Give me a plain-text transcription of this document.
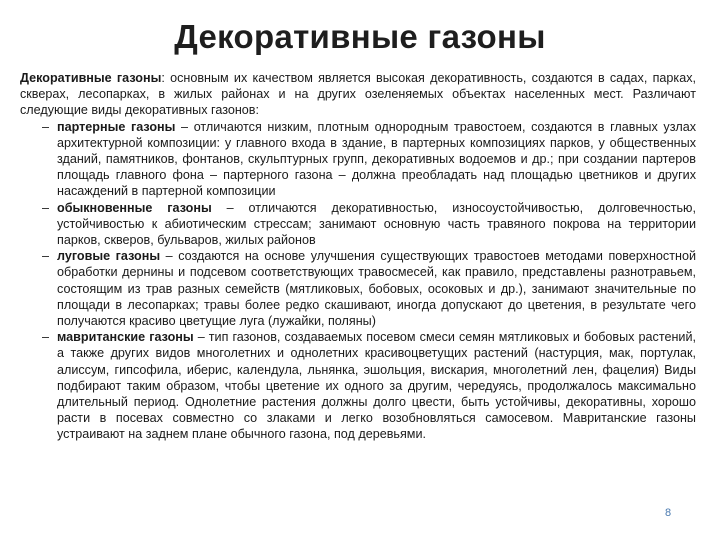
Декоративные газоны

Декоративные газоны: основным их качеством является высокая декоративность, создаются в садах, парках, скверах, лесопарках, в жилых районах и на других озеленяемых объектах населенных мест. Различают следующие виды декоративных газонов:

– партерные газоны – отличаются низким, плотным однородным травостоем, создаются в главных узлах архитектурной композиции: у главного входа в здание, в партерных композициях парков, у общественных зданий, памятников, фонтанов, скульптурных групп, декоративных водоемов и др.; при создании партеров площадь главного фона – партерного газона – должна преобладать над площадью цветников и других насаждений в партерной композиции
– обыкновенные газоны – отличаются декоративностью, износоустойчивостью, долговечностью, устойчивостью к абиотическим стрессам; занимают основную часть травяного покрова на территории парков, скверов, бульваров, жилых районов
– луговые газоны – создаются на основе улучшения существующих травостоев методами поверхностной обработки дернины и подсевом соответствующих травосмесей, как правило, представлены разнотравьем, состоящим из трав разных семейств (мятликовых, бобовых, осоковых и др.), занимают значительные по площади в лесопарках; травы более редко скашивают, иногда допускают до цветения, в результате чего получаются красиво цветущие луга (лужайки, поляны)
– мавританские газоны – тип газонов, создаваемых посевом смеси семян мятликовых и бобовых растений, а также других видов многолетних и однолетних красивоцветущих растений (настурция, мак, портулак, алиссум, гипсофила, иберис, календула, льнянка, эшольция, вискария, многолетний лен, фацелия) Виды подбирают таким образом, чтобы цветение их одного за другим, чередуясь, продолжалось максимально длительный период. Однолетние растения должны долго цвести, быть устойчивы, декоративны, хорошо расти в посевах совместно со злаками и легко возобновляться самосевом. Мавританские газоны устраивают на заднем плане обычного газона, под деревьями.
8
